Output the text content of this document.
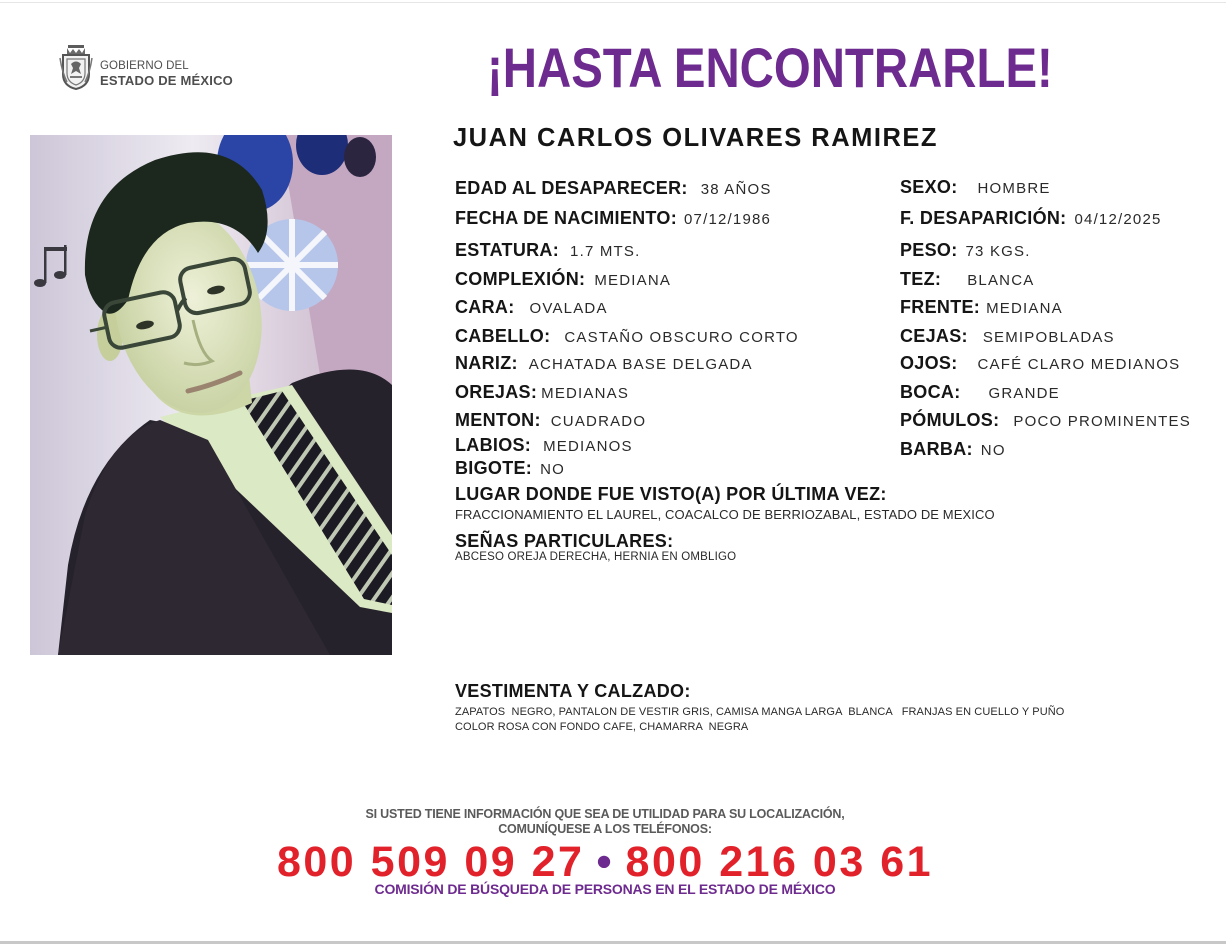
GOBIERNO DEL
ESTADO DE MÉXICO	¡HASTA ENCONTRARLE!
JUAN CARLOS OLIVARES RAMIREZ
EDAD AL DESAPARECER: 38 AÑOS
FECHA DE NACIMIENTO: 07/12/1986
ESTATURA: 1.7 MTS.
COMPLEXIÓN: MEDIANA
CARA: OVALADA
CABELLO: CASTAÑO OBSCURO CORTO
NARIZ: ACHATADA BASE DELGADA
OREJAS: MEDIANAS
MENTON: CUADRADO
LABIOS: MEDIANOS
BIGOTE: NO
SEXO: HOMBRE
F. DESAPARICIÓN: 04/12/2025
PESO: 73 KGS.
TEZ: BLANCA
FRENTE: MEDIANA
CEJAS: SEMIPOBLADAS
OJOS: CAFÉ CLARO MEDIANOS
BOCA: GRANDE
PÓMULOS: POCO PROMINENTES
BARBA: NO
LUGAR DONDE FUE VISTO(A) POR ÚLTIMA VEZ:
FRACCIONAMIENTO EL LAUREL, COACALCO DE BERRIOZABAL, ESTADO DE MEXICO
SEÑAS PARTICULARES:
ABCESO OREJA DERECHA, HERNIA EN OMBLIGO
VESTIMENTA Y CALZADO:
ZAPATOS  NEGRO, PANTALON DE VESTIR GRIS, CAMISA MANGA LARGA  BLANCA   FRANJAS EN CUELLO Y PUÑO
COLOR ROSA CON FONDO CAFE, CHAMARRA  NEGRA
SI USTED TIENE INFORMACIÓN QUE SEA DE UTILIDAD PARA SU LOCALIZACIÓN,
COMUNÍQUESE A LOS TELÉFONOS:
800 509 09 27 • 800 216 03 61
COMISIÓN DE BÚSQUEDA DE PERSONAS EN EL ESTADO DE MÉXICO
